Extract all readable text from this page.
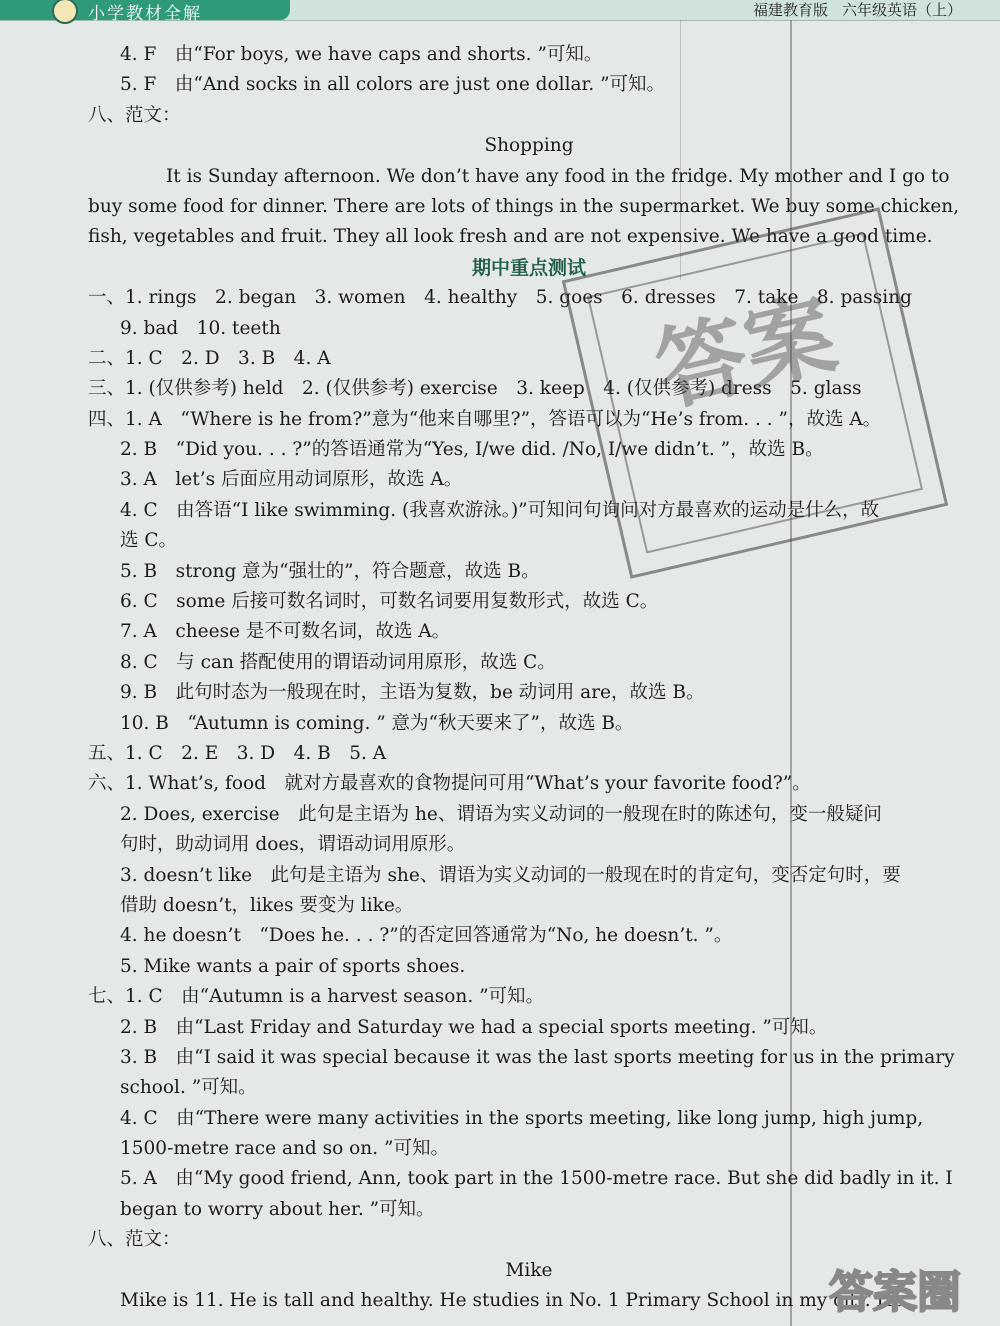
小学教材全解	福建教育版 六年级英语（上）
4. F　由“For boys, we have caps and shorts. ”可知。
5. F　由“And socks in all colors are just one dollar. ”可知。
八、范文：
Shopping
It is Sunday afternoon. We don’t have any food in the fridge. My mother and I go to
buy some food for dinner. There are lots of things in the supermarket. We buy some chicken,
fish, vegetables and fruit. They all look fresh and are not expensive. We have a good time.
期中重点测试
一、1. rings　2. began　3. women　4. healthy　5. goes　6. dresses　7. take　8. passing
9. bad　10. teeth
二、1. C　2. D　3. B　4. A
三、1. (仅供参考) held　2. (仅供参考) exercise　3. keep　4. (仅供参考) dress　5. glass
四、1. A　“Where is he from?”意为“他来自哪里?”，答语可以为“He’s from. . . ”，故选 A。
2. B　“Did you. . . ?”的答语通常为“Yes, I/we did. /No, I/we didn’t. ”，故选 B。
3. A　let’s 后面应用动词原形，故选 A。
4. C　由答语“I like swimming. (我喜欢游泳。)”可知问句询问对方最喜欢的运动是什么，故
选 C。
5. B　strong 意为“强壮的”，符合题意，故选 B。
6. C　some 后接可数名词时，可数名词要用复数形式，故选 C。
7. A　cheese 是不可数名词，故选 A。
8. C　与 can 搭配使用的谓语动词用原形，故选 C。
9. B　此句时态为一般现在时，主语为复数，be 动词用 are，故选 B。
10. B　“Autumn is coming. ” 意为“秋天要来了”，故选 B。
五、1. C　2. E　3. D　4. B　5. A
六、1. What’s, food　就对方最喜欢的食物提问可用“What’s your favorite food?”。
2. Does, exercise　此句是主语为 he、谓语为实义动词的一般现在时的陈述句，变一般疑问
句时，助动词用 does，谓语动词用原形。
3. doesn’t like　此句是主语为 she、谓语为实义动词的一般现在时的肯定句，变否定句时，要
借助 doesn’t，likes 要变为 like。
4. he doesn’t　“Does he. . . ?”的否定回答通常为“No, he doesn’t. ”。
5. Mike wants a pair of sports shoes.
七、1. C　由“Autumn is a harvest season. ”可知。
2. B　由“Last Friday and Saturday we had a special sports meeting. ”可知。
3. B　由“I said it was special because it was the last sports meeting for us in the primary
school. ”可知。
4. C　由“There were many activities in the sports meeting, like long jump, high jump,
1500-metre race and so on. ”可知。
5. A　由“My good friend, Ann, took part in the 1500-metre race. But she did badly in it. I
began to worry about her. ”可知。
八、范文：
Mike
Mike is 11. He is tall and healthy. He studies in No. 1 Primary School in my city. He
答案
答案圈
